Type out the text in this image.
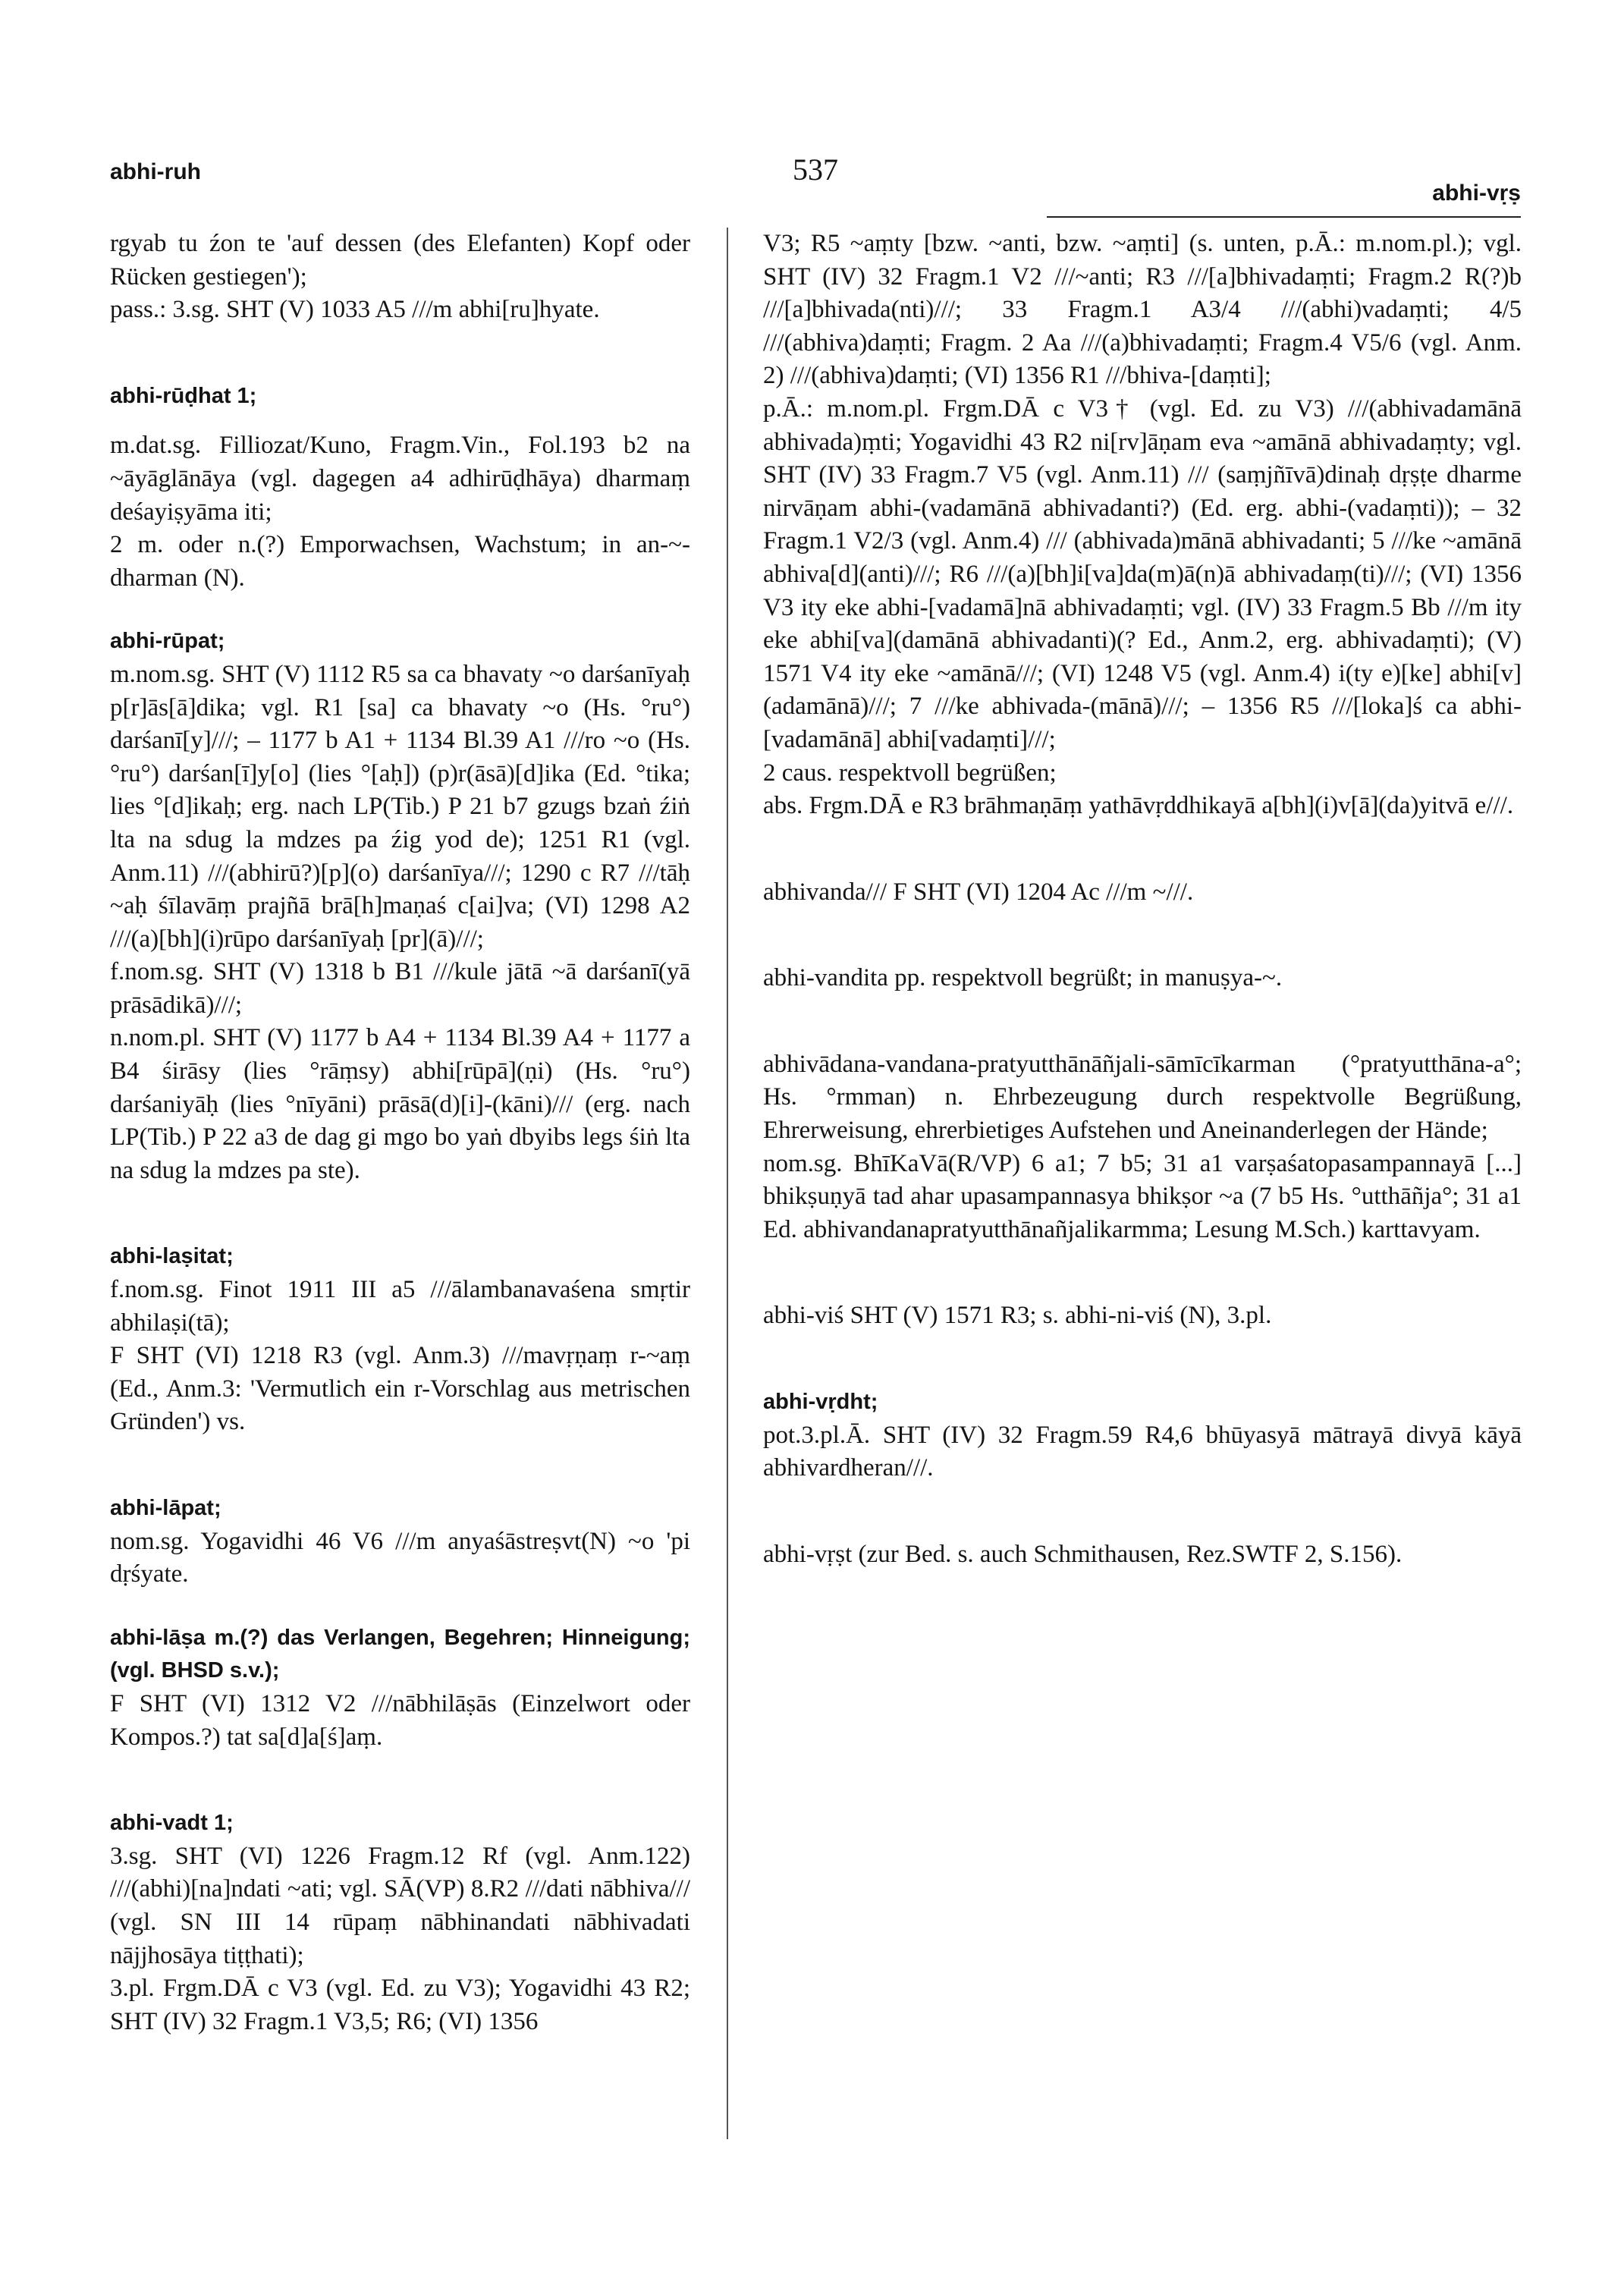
abhi-ruh	537
abhi-vṛṣ

rgyab tu źon te 'auf dessen (des Elefanten) Kopf oder Rücken gestiegen');

pass.: 3.sg. SHT (V) 1033 A5 ///m abhi[ru]hyate.

abhi-rūḍhat 1;

m.dat.sg. Filliozat/Kuno, Fragm.Vin., Fol.193 b2 na ~āyāglānāya (vgl. dagegen a4 adhirūḍhāya) dharmaṃ deśayiṣyāma iti;

2 m. oder n.(?) Emporwachsen, Wachstum; in an-~-dharman (N).

abhi-rūpat;

m.nom.sg. SHT (V) 1112 R5 sa ca bhavaty ~o darśanīyaḥ p[r]ās[ā]dika; vgl. R1 [sa] ca bhavaty ~o (Hs. °ru°) darśanī[y]///; – 1177 b A1 + 1134 Bl.39 A1 ///ro ~o (Hs. °ru°) darśan[ī]y[o] (lies °[aḥ]) (p)r(āsā)[d]ika (Ed. °tika; lies °[d]ikaḥ; erg. nach LP(Tib.) P 21 b7 gzugs bzaṅ źiṅ lta na sdug la mdzes pa źig yod de); 1251 R1 (vgl. Anm.11) ///(abhirū?)[p](o) darśanīya///; 1290 c R7 ///tāḥ ~aḥ śīlavāṃ prajñā brā[h]maṇaś c[ai]va; (VI) 1298 A2 ///(a)[bh](i)rūpo darśanīyaḥ [pr](ā)///;

f.nom.sg. SHT (V) 1318 b B1 ///kule jātā ~ā darśanī(yā prāsādikā)///;

n.nom.pl. SHT (V) 1177 b A4 + 1134 Bl.39 A4 + 1177 a B4 śirāsy (lies °rāṃsy) abhi[rūpā](ṇi) (Hs. °ru°) darśaniyāḥ (lies °nīyāni) prāsā(d)[i]-(kāni)/// (erg. nach LP(Tib.) P 22 a3 de dag gi mgo bo yaṅ dbyibs legs śiṅ lta na sdug la mdzes pa ste).

abhi-laṣitat;

f.nom.sg. Finot 1911 III a5 ///ālambanavaśena smṛtir abhilaṣi(tā);

F SHT (VI) 1218 R3 (vgl. Anm.3) ///mavṛṇaṃ r-~aṃ (Ed., Anm.3: 'Vermutlich ein r-Vorschlag aus metrischen Gründen') vs.

abhi-lāpat;

nom.sg. Yogavidhi 46 V6 ///m anyaśāstreṣvt(N) ~o 'pi dṛśyate.

abhi-lāṣa m.(?) das Verlangen, Begehren; Hinneigung; (vgl. BHSD s.v.);

F SHT (VI) 1312 V2 ///nābhilāṣās (Einzelwort oder Kompos.?) tat sa[d]a[ś]aṃ.

abhi-vadt 1;

3.sg. SHT (VI) 1226 Fragm.12 Rf (vgl. Anm.122) ///(abhi)[na]ndati ~ati; vgl. SĀ(VP) 8.R2 ///dati nābhiva/// (vgl. SN III 14 rūpaṃ nābhinandati nābhivadati nājjhosāya tiṭṭhati);

3.pl. Frgm.DĀ c V3 (vgl. Ed. zu V3); Yogavidhi 43 R2; SHT (IV) 32 Fragm.1 V3,5; R6; (VI) 1356

V3; R5 ~aṃty [bzw. ~anti, bzw. ~aṃti] (s. unten, p.Ā.: m.nom.pl.); vgl. SHT (IV) 32 Fragm.1 V2 ///~anti; R3 ///[a]bhivadaṃti; Fragm.2 R(?)b ///[a]bhivada(nti)///; 33 Fragm.1 A3/4 ///(abhi)vadaṃti; 4/5 ///(abhiva)daṃti; Fragm. 2 Aa ///(a)bhivadaṃti; Fragm.4 V5/6 (vgl. Anm. 2) ///(abhiva)daṃti; (VI) 1356 R1 ///bhiva-[daṃti];

p.Ā.: m.nom.pl. Frgm.DĀ c V3† (vgl. Ed. zu V3) ///(abhivadamānā abhivada)ṃti; Yogavidhi 43 R2 ni[rv]āṇam eva ~amānā abhivadaṃty; vgl. SHT (IV) 33 Fragm.7 V5 (vgl. Anm.11) /// (saṃjñīvā)dinaḥ dṛṣṭe dharme nirvāṇam abhi-(vadamānā abhivadanti?) (Ed. erg. abhi-(vadaṃti)); – 32 Fragm.1 V2/3 (vgl. Anm.4) /// (abhivada)mānā abhivadanti; 5 ///ke ~amānā abhiva[d](anti)///; R6 ///(a)[bh]i[va]da(m)ā(n)ā abhivadaṃ(ti)///; (VI) 1356 V3 ity eke abhi-[vadamā]nā abhivadaṃti; vgl. (IV) 33 Fragm.5 Bb ///m ity eke abhi[va](damānā abhivadanti)(? Ed., Anm.2, erg. abhivadaṃti); (V) 1571 V4 ity eke ~amānā///; (VI) 1248 V5 (vgl. Anm.4) i(ty e)[ke] abhi[v](adamānā)///; 7 ///ke abhivada-(mānā)///; – 1356 R5 ///[loka]ś ca abhi-[vadamānā] abhi[vadaṃti]///;

2 caus. respektvoll begrüßen;

abs. Frgm.DĀ e R3 brāhmaṇāṃ yathāvṛddhikayā a[bh](i)v[ā](da)yitvā e///.

abhivanda/// F SHT (VI) 1204 Ac ///m ~///.

abhi-vandita pp. respektvoll begrüßt; in manuṣya-~.

abhivādana-vandana-pratyutthānāñjali-sāmīcīkarman (°pratyutthāna-a°; Hs. °rmman) n. Ehrbezeugung durch respektvolle Begrüßung, Ehrerweisung, ehrerbietiges Aufstehen und Aneinanderlegen der Hände;

nom.sg. BhīKaVā(R/VP) 6 a1; 7 b5; 31 a1 varṣaśatopasampannayā [...] bhikṣuṇyā tad ahar upasampannasya bhikṣor ~a (7 b5 Hs. °utthāñja°; 31 a1 Ed. abhivandanapratyutthānañjalikarmma; Lesung M.Sch.) karttavyam.

abhi-viś SHT (V) 1571 R3; s. abhi-ni-viś (N), 3.pl.

abhi-vṛdht;

pot.3.pl.Ā. SHT (IV) 32 Fragm.59 R4,6 bhūyasyā mātrayā divyā kāyā abhivardheran///.

abhi-vṛṣt (zur Bed. s. auch Schmithausen, Rez.SWTF 2, S.156).
